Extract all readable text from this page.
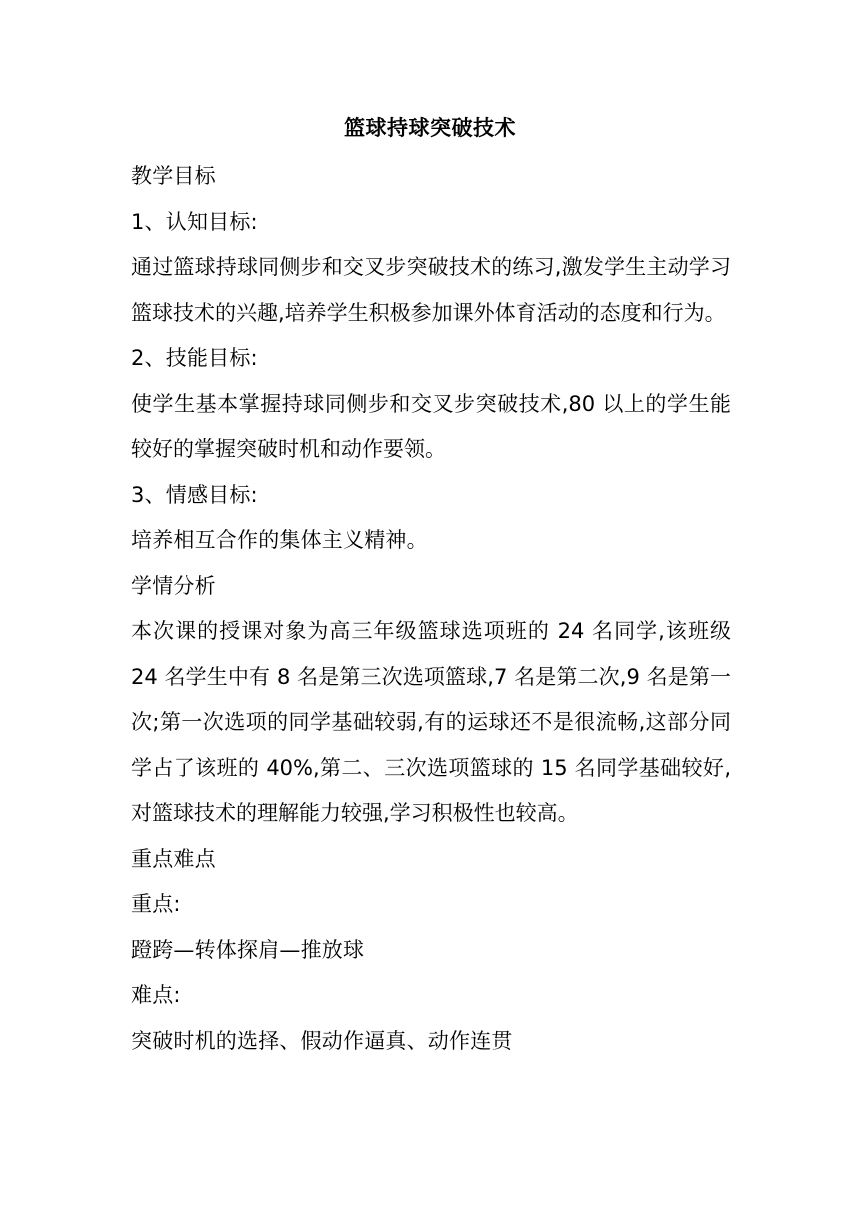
篮球持球突破技术
教学目标
1、认知目标:
通过篮球持球同侧步和交叉步突破技术的练习,激发学生主动学习篮球技术的兴趣,培养学生积极参加课外体育活动的态度和行为。
2、技能目标:
使学生基本掌握持球同侧步和交叉步突破技术,80 以上的学生能较好的掌握突破时机和动作要领。
3、情感目标:
培养相互合作的集体主义精神。
学情分析
本次课的授课对象为高三年级篮球选项班的 24 名同学,该班级 24 名学生中有 8 名是第三次选项篮球,7 名是第二次,9 名是第一次;第一次选项的同学基础较弱,有的运球还不是很流畅,这部分同学占了该班的 40%,第二、三次选项篮球的 15 名同学基础较好,对篮球技术的理解能力较强,学习积极性也较高。
重点难点
重点:
蹬跨—转体探肩—推放球
难点:
突破时机的选择、假动作逼真、动作连贯
